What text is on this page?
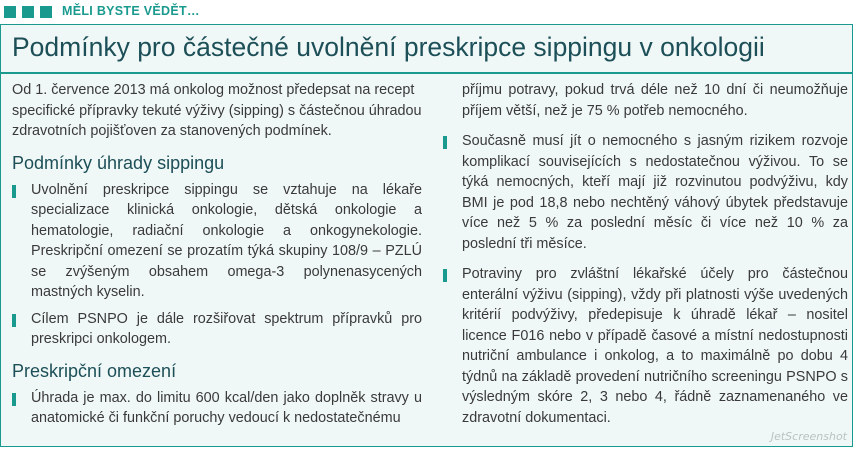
MĚLI BYSTE VĚDĚT…
Podmínky pro částečné uvolnění preskripce sippingu v onkologii

Od 1. července 2013 má onkolog možnost předepsat na recept specifické přípravky tekuté výživy (sipping) s částečnou úhradou zdravotních pojišťoven za stanovených podmínek.

Podmínky úhrady sippingu
Uvolnění preskripce sippingu se vztahuje na lékaře specializace klinická onkologie, dětská onkologie a hematologie, radiační onkologie a onkogynekologie. Preskripční omezení se prozatím týká skupiny 108/9 – PZLÚ se zvýšeným obsahem omega-3 polynenasycených mastných kyselin.
Cílem PSNPO je dále rozšiřovat spektrum přípravků pro preskripci onkologem.
Preskripční omezení
Úhrada je max. do limitu 600 kcal/den jako doplněk stravy u anatomické či funkční poruchy vedoucí k nedostatečnému
příjmu potravy, pokud trvá déle než 10 dní či neumožňuje příjem větší, než je 75 % potřeb nemocného.
Současně musí jít o nemocného s jasným rizikem rozvoje komplikací souvisejících s nedostatečnou výživou. To se týká nemocných, kteří mají již rozvinutou podvýživu, kdy BMI je pod 18,8 nebo nechtěný váhový úbytek představuje více než 5 % za poslední měsíc či více než 10 % za poslední tři měsíce.
Potraviny pro zvláštní lékařské účely pro částečnou enterální výživu (sipping), vždy při platnosti výše uvedených kritérií podvýživy, předepisuje k úhradě lékař – nositel licence F016 nebo v případě časové a místní nedostupnosti nutriční ambulance i onkolog, a to maximálně po dobu 4 týdnů na základě provedení nutričního screeningu PSNPO s výsledným skóre 2, 3 nebo 4, řádně zaznamenaného ve zdravotní dokumentaci.
JetScreenshot
